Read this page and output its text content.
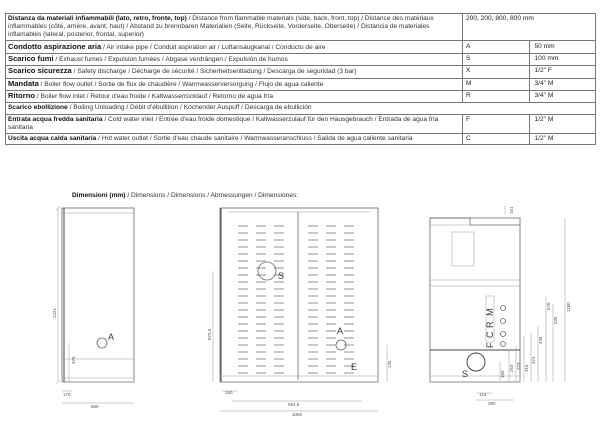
Distanza da materiali infiammabili (lato, retro, fronte, top) / Distance from flammable materials (side, back, front, top) / Distance des matériaux inflammables (côté, arrière, avant, haut) / Abstand zu brennbaren Materialien (Seite, Rückseite, Vorderseite, Oberseite) / Distancia de materiales inflamables (lateral, posterior, frontal, superior)	200, 200, 800, 800 mm	
Condotto aspirazione aria / Air intake pipe / Conduit aspiration air / Luftansaugkanal / Conducto de aire	A	50 mm
Scarico fumi / Exhaust fumes / Expulsion fumées / Abgase verdrängen / Expulsión de humos	S	100 mm
Scarico sicurezza / Safety discharge / Décharge de sécurité / Sicherheitsentladung / Descarga de seguridad (3 bar)	X	1/2" F
Mandata / Boiler flow outlet / Sortie de flux de chaudière / Warmwasserversorgung / Flujo de agua caliente	M	3/4" M
Ritorno / Boiler flow inlet / Retour d'eau froide / Kaltwasserrücklauf / Retorno de agua fría	R	3/4" M
Scarico ebollizione / Boiling Unloading / Débit d'ébullition / Kochender Auspuff / Descarga de ebullición		
Entrata acqua fredda sanitaria / Cold water inlet / Entrée d'eau froide domestique / Kaltwasserzulauf für den Hausgebrauch / Entrada de agua fría sanitaria	F	1/2" M
Uscita acqua calda sanitaria / Hot water outlet / Sortie d'eau chaude sanitaire / Warmwasseranschluss / Salida de agua caliente sanitaria	C	1/2" M
Dimensioni (mm) / Dimensions / Dimensions / Abmessungen / Dimensiones:
1221
A
376
170
569
S
A
E
873.5
126
150
954.5
1069
161
S
F
C
R
M
1180
525
576
436
374
316
273
253
160
116
380
